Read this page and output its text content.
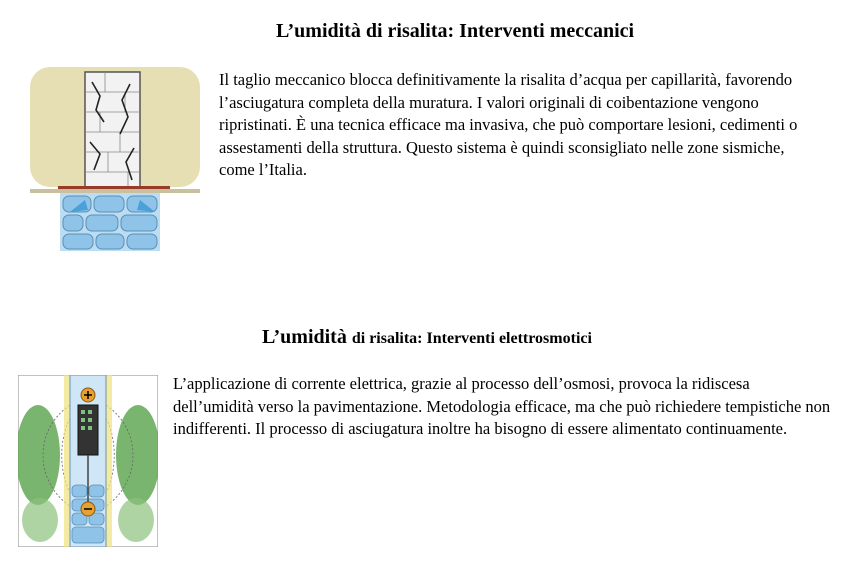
L’umidità di risalita: Interventi meccanici

Il taglio meccanico blocca definitivamente la risalita d’acqua per capillarità, favorendo l’asciugatura completa della muratura. I valori originali di coibentazione vengono ripristinati. È una tecnica efficace ma invasiva, che può comportare lesioni, cedimenti o assestamenti della struttura. Questo sistema è quindi sconsigliato nelle zone sismiche, come l’Italia.

L’umidità di risalita: Interventi elettrosmotici

L’applicazione di corrente elettrica, grazie al processo dell’osmosi, provoca la ridiscesa dell’umidità verso la pavimentazione. Metodologia efficace, ma che può richiedere tempistiche non indifferenti. Il processo di asciugatura inoltre ha bisogno di essere alimentato continuamente.
